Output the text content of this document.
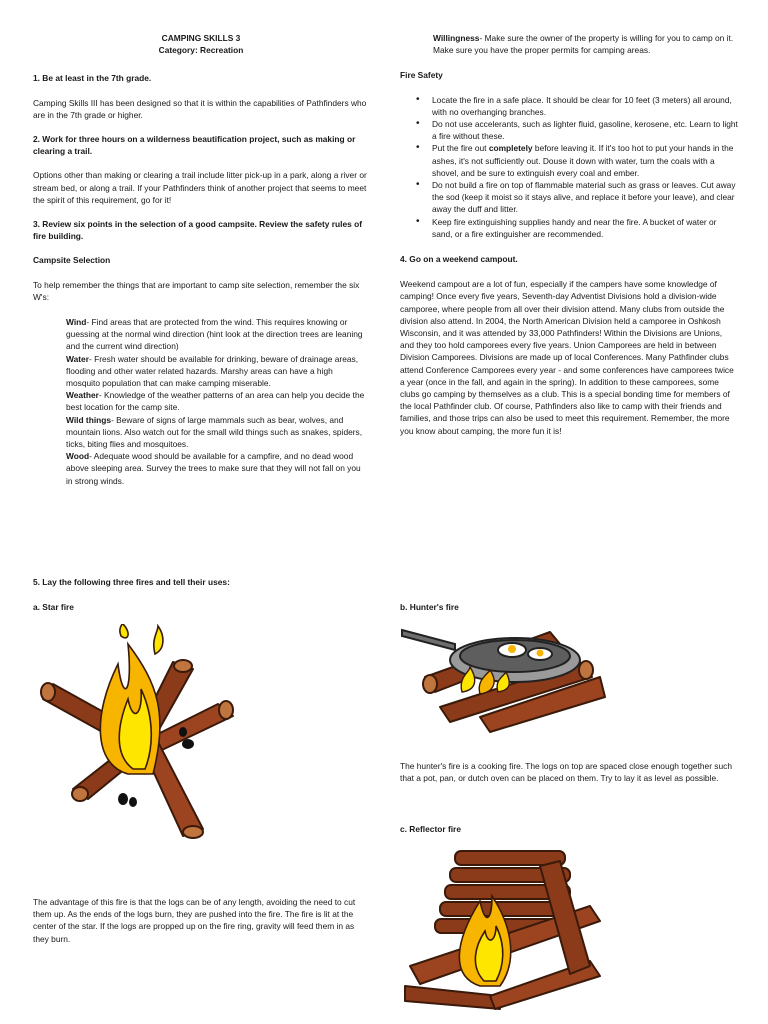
CAMPING SKILLS 3

Category: Recreation

1. Be at least in the 7th grade.

Camping Skills III has been designed so that it is within the capabilities of Pathfinders who are in the 7th grade or higher.

2. Work for three hours on a wilderness beautification project, such as making or clearing a trail.

Options other than making or clearing a trail include litter pick-up in a park, along a river or stream bed, or along a trail. If your Pathfinders think of another project that seems to meet the spirit of this requirement, go for it!

3. Review six points in the selection of a good campsite. Review the safety rules of fire building.

Campsite Selection

To help remember the things that are important to camp site selection, remember the six W's:

Wind- Find areas that are protected from the wind. This requires knowing or guessing at the normal wind direction (hint look at the direction trees are leaning and the current wind direction)

Water- Fresh water should be available for drinking, beware of drainage areas, flooding and other water related hazards. Marshy areas can have a high mosquito population that can make camping miserable.

Weather- Knowledge of the weather patterns of an area can help you decide the best location for the camp site.

Wild things- Beware of signs of large mammals such as bear, wolves, and mountain lions. Also watch out for the small wild things such as snakes, spiders, ticks, biting flies and mosquitoes.

Wood- Adequate wood should be available for a campfire, and no dead wood above sleeping area. Survey the trees to make sure that they will not fall on you in strong winds.

Willingness- Make sure the owner of the property is willing for you to camp on it. Make sure you have the proper permits for camping areas.

Fire Safety

• Locate the fire in a safe place. It should be clear for 10 feet (3 meters) all around, with no overhanging branches.
• Do not use accelerants, such as lighter fluid, gasoline, kerosene, etc. Learn to light a fire without these.
• Put the fire out completely before leaving it. If it's too hot to put your hands in the ashes, it's not sufficiently out. Douse it down with water, turn the coals with a shovel, and be sure to extinguish every coal and ember.
• Do not build a fire on top of flammable material such as grass or leaves. Cut away the sod (keep it moist so it stays alive, and replace it before your leave), and clear away the duff and litter.
• Keep fire extinguishing supplies handy and near the fire. A bucket of water or sand, or a fire extinguisher are recommended.

4. Go on a weekend campout.

Weekend campout are a lot of fun, especially if the campers have some knowledge of camping! Once every five years, Seventh-day Adventist Divisions hold a division-wide camporee, where people from all over their division attend. Many clubs from outside the division also attend. In 2004, the North American Division held a camporee in Oshkosh Wisconsin, and it was attended by 33,000 Pathfinders! Within the Divisions are Unions, and they too hold camporees every five years. Union Camporees are held in between Division Camporees. Divisions are made up of local Conferences. Many Pathfinder clubs attend Conference Camporees every year - and some conferences have camporees twice a year (once in the fall, and again in the spring). In addition to these camporees, some clubs go camping by themselves as a club. This is a special bonding time for members of the local Pathfinder club. Of course, Pathfinders also like to camp with their friends and families, and those trips can also be used to meet this requirement. Remember, the more you know about camping, the more fun it is!

5. Lay the following three fires and tell their uses:

a. Star fire	b. Hunter's fire

The hunter's fire is a cooking fire. The logs on top are spaced close enough together such that a pot, pan, or dutch oven can be placed on them. Try to lay it as level as possible.

c. Reflector fire

The advantage of this fire is that the logs can be of any length, avoiding the need to cut them up. As the ends of the logs burn, they are pushed into the fire. The fire is lit at the center of the star. If the logs are propped up on the fire ring, gravity will feed them in as they burn.
